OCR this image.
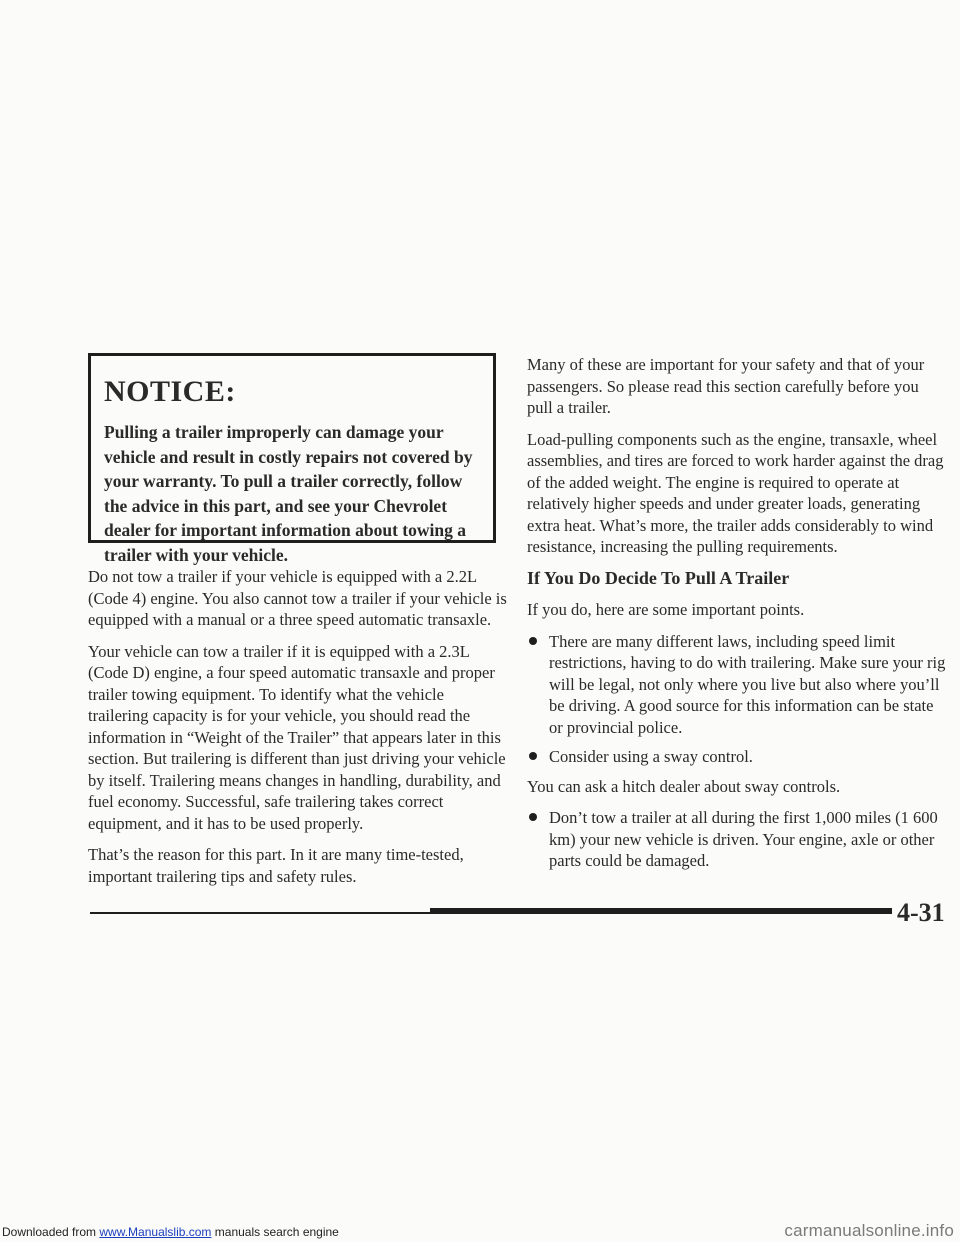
NOTICE:

Pulling a trailer improperly can damage your vehicle and result in costly repairs not covered by your warranty. To pull a trailer correctly, follow the advice in this part, and see your Chevrolet dealer for important information about towing a trailer with your vehicle.

Do not tow a trailer if your vehicle is equipped with a 2.2L (Code 4) engine. You also cannot tow a trailer if your vehicle is equipped with a manual or a three speed automatic transaxle.

Your vehicle can tow a trailer if it is equipped with a 2.3L (Code D) engine, a four speed automatic transaxle and proper trailer towing equipment. To identify what the vehicle trailering capacity is for your vehicle, you should read the information in “Weight of the Trailer” that appears later in this section. But trailering is different than just driving your vehicle by itself. Trailering means changes in handling, durability, and fuel economy. Successful, safe trailering takes correct equipment, and it has to be used properly.

That’s the reason for this part. In it are many time-tested, important trailering tips and safety rules.

Many of these are important for your safety and that of your passengers. So please read this section carefully before you pull a trailer.

Load-pulling components such as the engine, transaxle, wheel assemblies, and tires are forced to work harder against the drag of the added weight. The engine is required to operate at relatively higher speeds and under greater loads, generating extra heat. What’s more, the trailer adds considerably to wind resistance, increasing the pulling requirements.

If You Do Decide To Pull A Trailer

If you do, here are some important points.

There are many different laws, including speed limit restrictions, having to do with trailering. Make sure your rig will be legal, not only where you live but also where you’ll be driving. A good source for this information can be state or provincial police.
Consider using a sway control.

You can ask a hitch dealer about sway controls.

Don’t tow a trailer at all during the first 1,000 miles (1 600 km) your new vehicle is driven. Your engine, axle or other parts could be damaged.
4-31
Downloaded from www.Manualslib.com manuals search engine	carmanualsonline.info
